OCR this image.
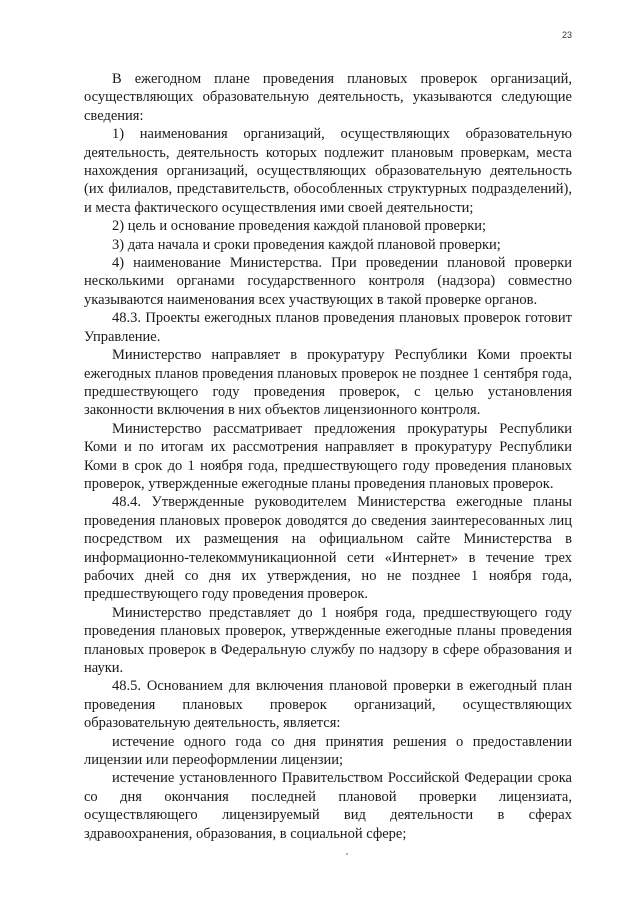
23

В ежегодном плане проведения плановых проверок организаций, осуществляющих образовательную деятельность, указываются следующие сведения:

1) наименования организаций, осуществляющих образовательную деятельность, деятельность которых подлежит плановым проверкам, места нахождения организаций, осуществляющих образовательную деятельность (их филиалов, представительств, обособленных структурных подразделений), и места фактического осуществления ими своей деятельности;

2) цель и основание проведения каждой плановой проверки;

3) дата начала и сроки проведения каждой плановой проверки;

4) наименование Министерства. При проведении плановой проверки несколькими органами государственного контроля (надзора) совместно указываются наименования всех участвующих в такой проверке органов.

48.3. Проекты ежегодных планов проведения плановых проверок готовит Управление.

Министерство направляет в прокуратуру Республики Коми проекты ежегодных планов проведения плановых проверок не позднее 1 сентября года, предшествующего году проведения проверок, с целью установления законности включения в них объектов лицензионного контроля.

Министерство рассматривает предложения прокуратуры Республики Коми и по итогам их рассмотрения направляет в прокуратуру Республики Коми в срок до 1 ноября года, предшествующего году проведения плановых проверок, утвержденные ежегодные планы проведения плановых проверок.

48.4. Утвержденные руководителем Министерства ежегодные планы проведения плановых проверок доводятся до сведения заинтересованных лиц посредством их размещения на официальном сайте Министерства в информационно-телекоммуникационной сети «Интернет» в течение трех рабочих дней со дня их утверждения, но не позднее 1 ноября года, предшествующего году проведения проверок.

Министерство представляет до 1 ноября года, предшествующего году проведения плановых проверок, утвержденные ежегодные планы проведения плановых проверок в Федеральную службу по надзору в сфере образования и науки.

48.5. Основанием для включения плановой проверки в ежегодный план проведения плановых проверок организаций, осуществляющих образовательную деятельность, является:

истечение одного года со дня принятия решения о предоставлении лицензии или переоформлении лицензии;

истечение установленного Правительством Российской Федерации срока со дня окончания последней плановой проверки лицензиата, осуществляющего лицензируемый вид деятельности в сферах здравоохранения, образования, в социальной сфере;
